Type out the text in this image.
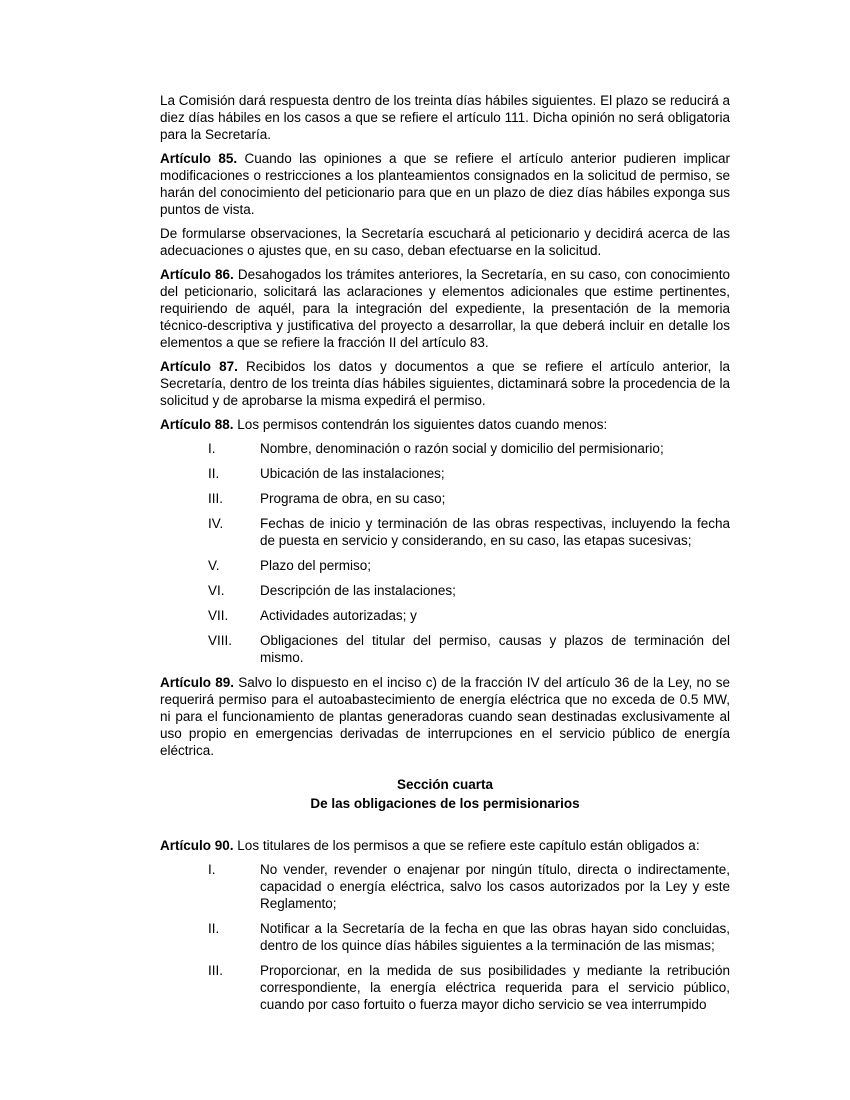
La Comisión dará respuesta dentro de los treinta días hábiles siguientes. El plazo se reducirá a diez días hábiles en los casos a que se refiere el artículo 111. Dicha opinión no será obligatoria para la Secretaría.

Artículo 85. Cuando las opiniones a que se refiere el artículo anterior pudieren implicar modificaciones o restricciones a los planteamientos consignados en la solicitud de permiso, se harán del conocimiento del peticionario para que en un plazo de diez días hábiles exponga sus puntos de vista.

De formularse observaciones, la Secretaría escuchará al peticionario y decidirá acerca de las adecuaciones o ajustes que, en su caso, deban efectuarse en la solicitud.

Artículo 86. Desahogados los trámites anteriores, la Secretaría, en su caso, con conocimiento del peticionario, solicitará las aclaraciones y elementos adicionales que estime pertinentes, requiriendo de aquél, para la integración del expediente, la presentación de la memoria técnico-descriptiva y justificativa del proyecto a desarrollar, la que deberá incluir en detalle los elementos a que se refiere la fracción II del artículo 83.

Artículo 87. Recibidos los datos y documentos a que se refiere el artículo anterior, la Secretaría, dentro de los treinta días hábiles siguientes, dictaminará sobre la procedencia de la solicitud y de aprobarse la misma expedirá el permiso.

Artículo 88. Los permisos contendrán los siguientes datos cuando menos:

I.	Nombre, denominación o razón social y domicilio del permisionario;
II.	Ubicación de las instalaciones;
III.	Programa de obra, en su caso;
IV.	Fechas de inicio y terminación de las obras respectivas, incluyendo la fecha de puesta en servicio y considerando, en su caso, las etapas sucesivas;
V.	Plazo del permiso;
VI.	Descripción de las instalaciones;
VII. Actividades autorizadas; y
VIII. Obligaciones del titular del permiso, causas y plazos de terminación del mismo.

Artículo 89. Salvo lo dispuesto en el inciso c) de la fracción IV del artículo 36 de la Ley, no se requerirá permiso para el autoabastecimiento de energía eléctrica que no exceda de 0.5 MW, ni para el funcionamiento de plantas generadoras cuando sean destinadas exclusivamente al uso propio en emergencias derivadas de interrupciones en el servicio público de energía eléctrica.

Sección cuarta
De las obligaciones de los permisionarios

Artículo 90. Los titulares de los permisos a que se refiere este capítulo están obligados a:

I.	No vender, revender o enajenar por ningún título, directa o indirectamente, capacidad o energía eléctrica, salvo los casos autorizados por la Ley y este Reglamento;
II.	Notificar a la Secretaría de la fecha en que las obras hayan sido concluidas, dentro de los quince días hábiles siguientes a la terminación de las mismas;
III.	Proporcionar, en la medida de sus posibilidades y mediante la retribución correspondiente, la energía eléctrica requerida para el servicio público, cuando por caso fortuito o fuerza mayor dicho servicio se vea interrumpido
